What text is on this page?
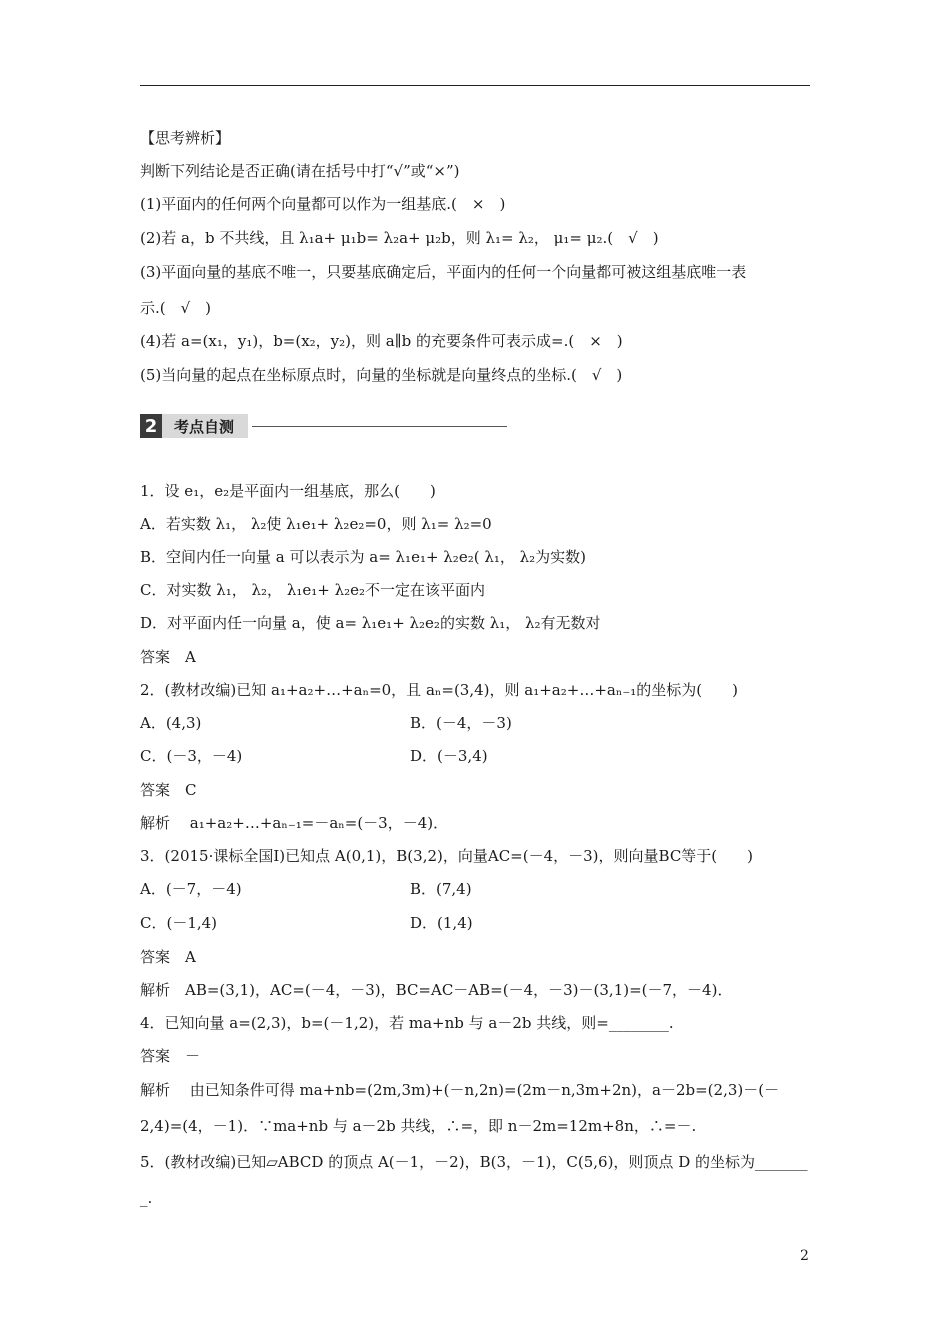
【思考辨析】
判断下列结论是否正确(请在括号中打“√”或“×”)
(1)平面内的任何两个向量都可以作为一组基底.(　×　)
(2)若 a，b 不共线，且 λ₁a+ μ₁b= λ₂a+ μ₂b，则 λ₁= λ₂， μ₁= μ₂.(　√　)
(3)平面向量的基底不唯一，只要基底确定后，平面内的任何一个向量都可被这组基底唯一表
示.(　√　)
(4)若 a=(x₁，y₁)，b=(x₂，y₂)，则 a∥b 的充要条件可表示成=.(　×　)
(5)当向量的起点在坐标原点时，向量的坐标就是向量终点的坐标.(　√　)
2	考点自测
1．设 e₁，e₂是平面内一组基底，那么(　　)
A．若实数 λ₁， λ₂使 λ₁e₁+ λ₂e₂=0，则 λ₁= λ₂=0
B．空间内任一向量 a 可以表示为 a= λ₁e₁+ λ₂e₂( λ₁， λ₂为实数)
C．对实数 λ₁， λ₂， λ₁e₁+ λ₂e₂不一定在该平面内
D．对平面内任一向量 a，使 a= λ₁e₁+ λ₂e₂的实数 λ₁， λ₂有无数对
答案　A
2．(教材改编)已知 a₁+a₂+…+aₙ=0，且 aₙ=(3,4)，则 a₁+a₂+…+aₙ₋₁的坐标为(　　)
A．(4,3)	B．(－4，－3)
C．(－3，－4)	D．(－3,4)
答案　C
解析　 a₁+a₂+…+aₙ₋₁=－aₙ=(－3，－4)．
3．(2015·课标全国Ⅰ)已知点 A(0,1)，B(3,2)，向量AC=(－4，－3)，则向量BC等于(　　)
A．(－7，－4)	B．(7,4)
C．(－1,4)	D．(1,4)
答案　A
解析　AB=(3,1)，AC=(－4，－3)，BC=AC－AB=(－4，－3)－(3,1)=(－7，－4)．
4．已知向量 a=(2,3)，b=(－1,2)，若 ma+nb 与 a－2b 共线，则=________.
答案　－
解析　 由已知条件可得 ma+nb=(2m,3m)+(－n,2n)=(2m－n,3m+2n)，a－2b=(2,3)－(－
2,4)=(4，－1)．∵ma+nb 与 a－2b 共线，∴=，即 n－2m=12m+8n，∴=－.
5．(教材改编)已知▱ABCD 的顶点 A(－1，－2)，B(3，－1)，C(5,6)，则顶点 D 的坐标为_______
_.
2
